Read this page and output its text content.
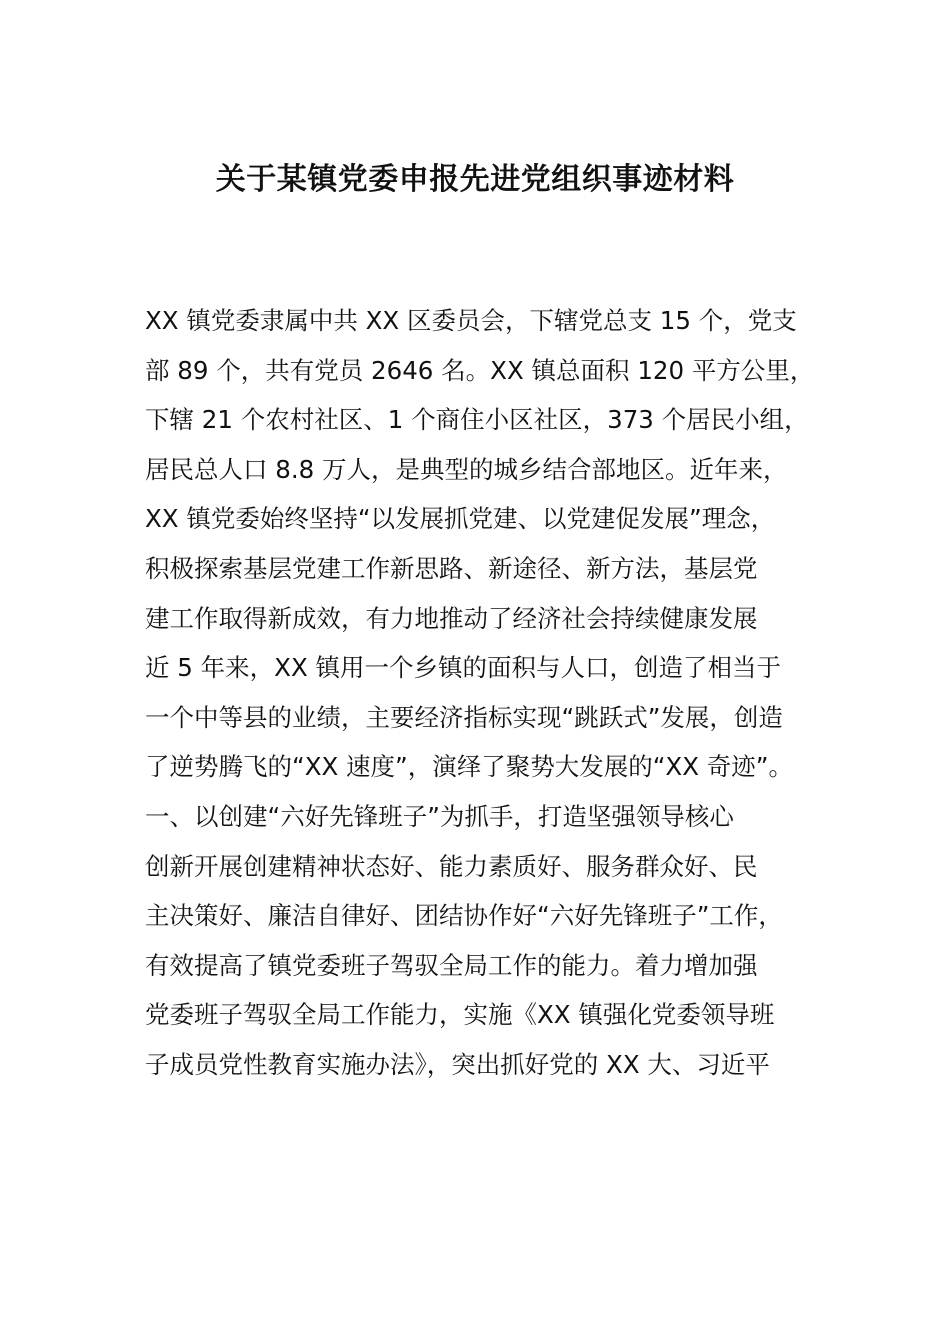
关于某镇党委申报先进党组织事迹材料
XX 镇党委隶属中共 XX 区委员会，下辖党总支 15 个，党支
部 89 个，共有党员 2646 名。XX 镇总面积 120 平方公里，
下辖 21 个农村社区、1 个商住小区社区，373 个居民小组，
居民总人口 8.8 万人，是典型的城乡结合部地区。近年来，
XX 镇党委始终坚持“以发展抓党建、以党建促发展”理念，
积极探索基层党建工作新思路、新途径、新方法，基层党
建工作取得新成效，有力地推动了经济社会持续健康发展
近 5 年来，XX 镇用一个乡镇的面积与人口，创造了相当于
一个中等县的业绩，主要经济指标实现“跳跃式”发展，创造
了逆势腾飞的“XX 速度”，演绎了聚势大发展的“XX 奇迹”。
一、以创建“六好先锋班子”为抓手，打造坚强领导核心
创新开展创建精神状态好、能力素质好、服务群众好、民
主决策好、廉洁自律好、团结协作好“六好先锋班子”工作，
有效提高了镇党委班子驾驭全局工作的能力。着力增加强
党委班子驾驭全局工作能力，实施《XX 镇强化党委领导班
子成员党性教育实施办法》，突出抓好党的 XX 大、习近平
